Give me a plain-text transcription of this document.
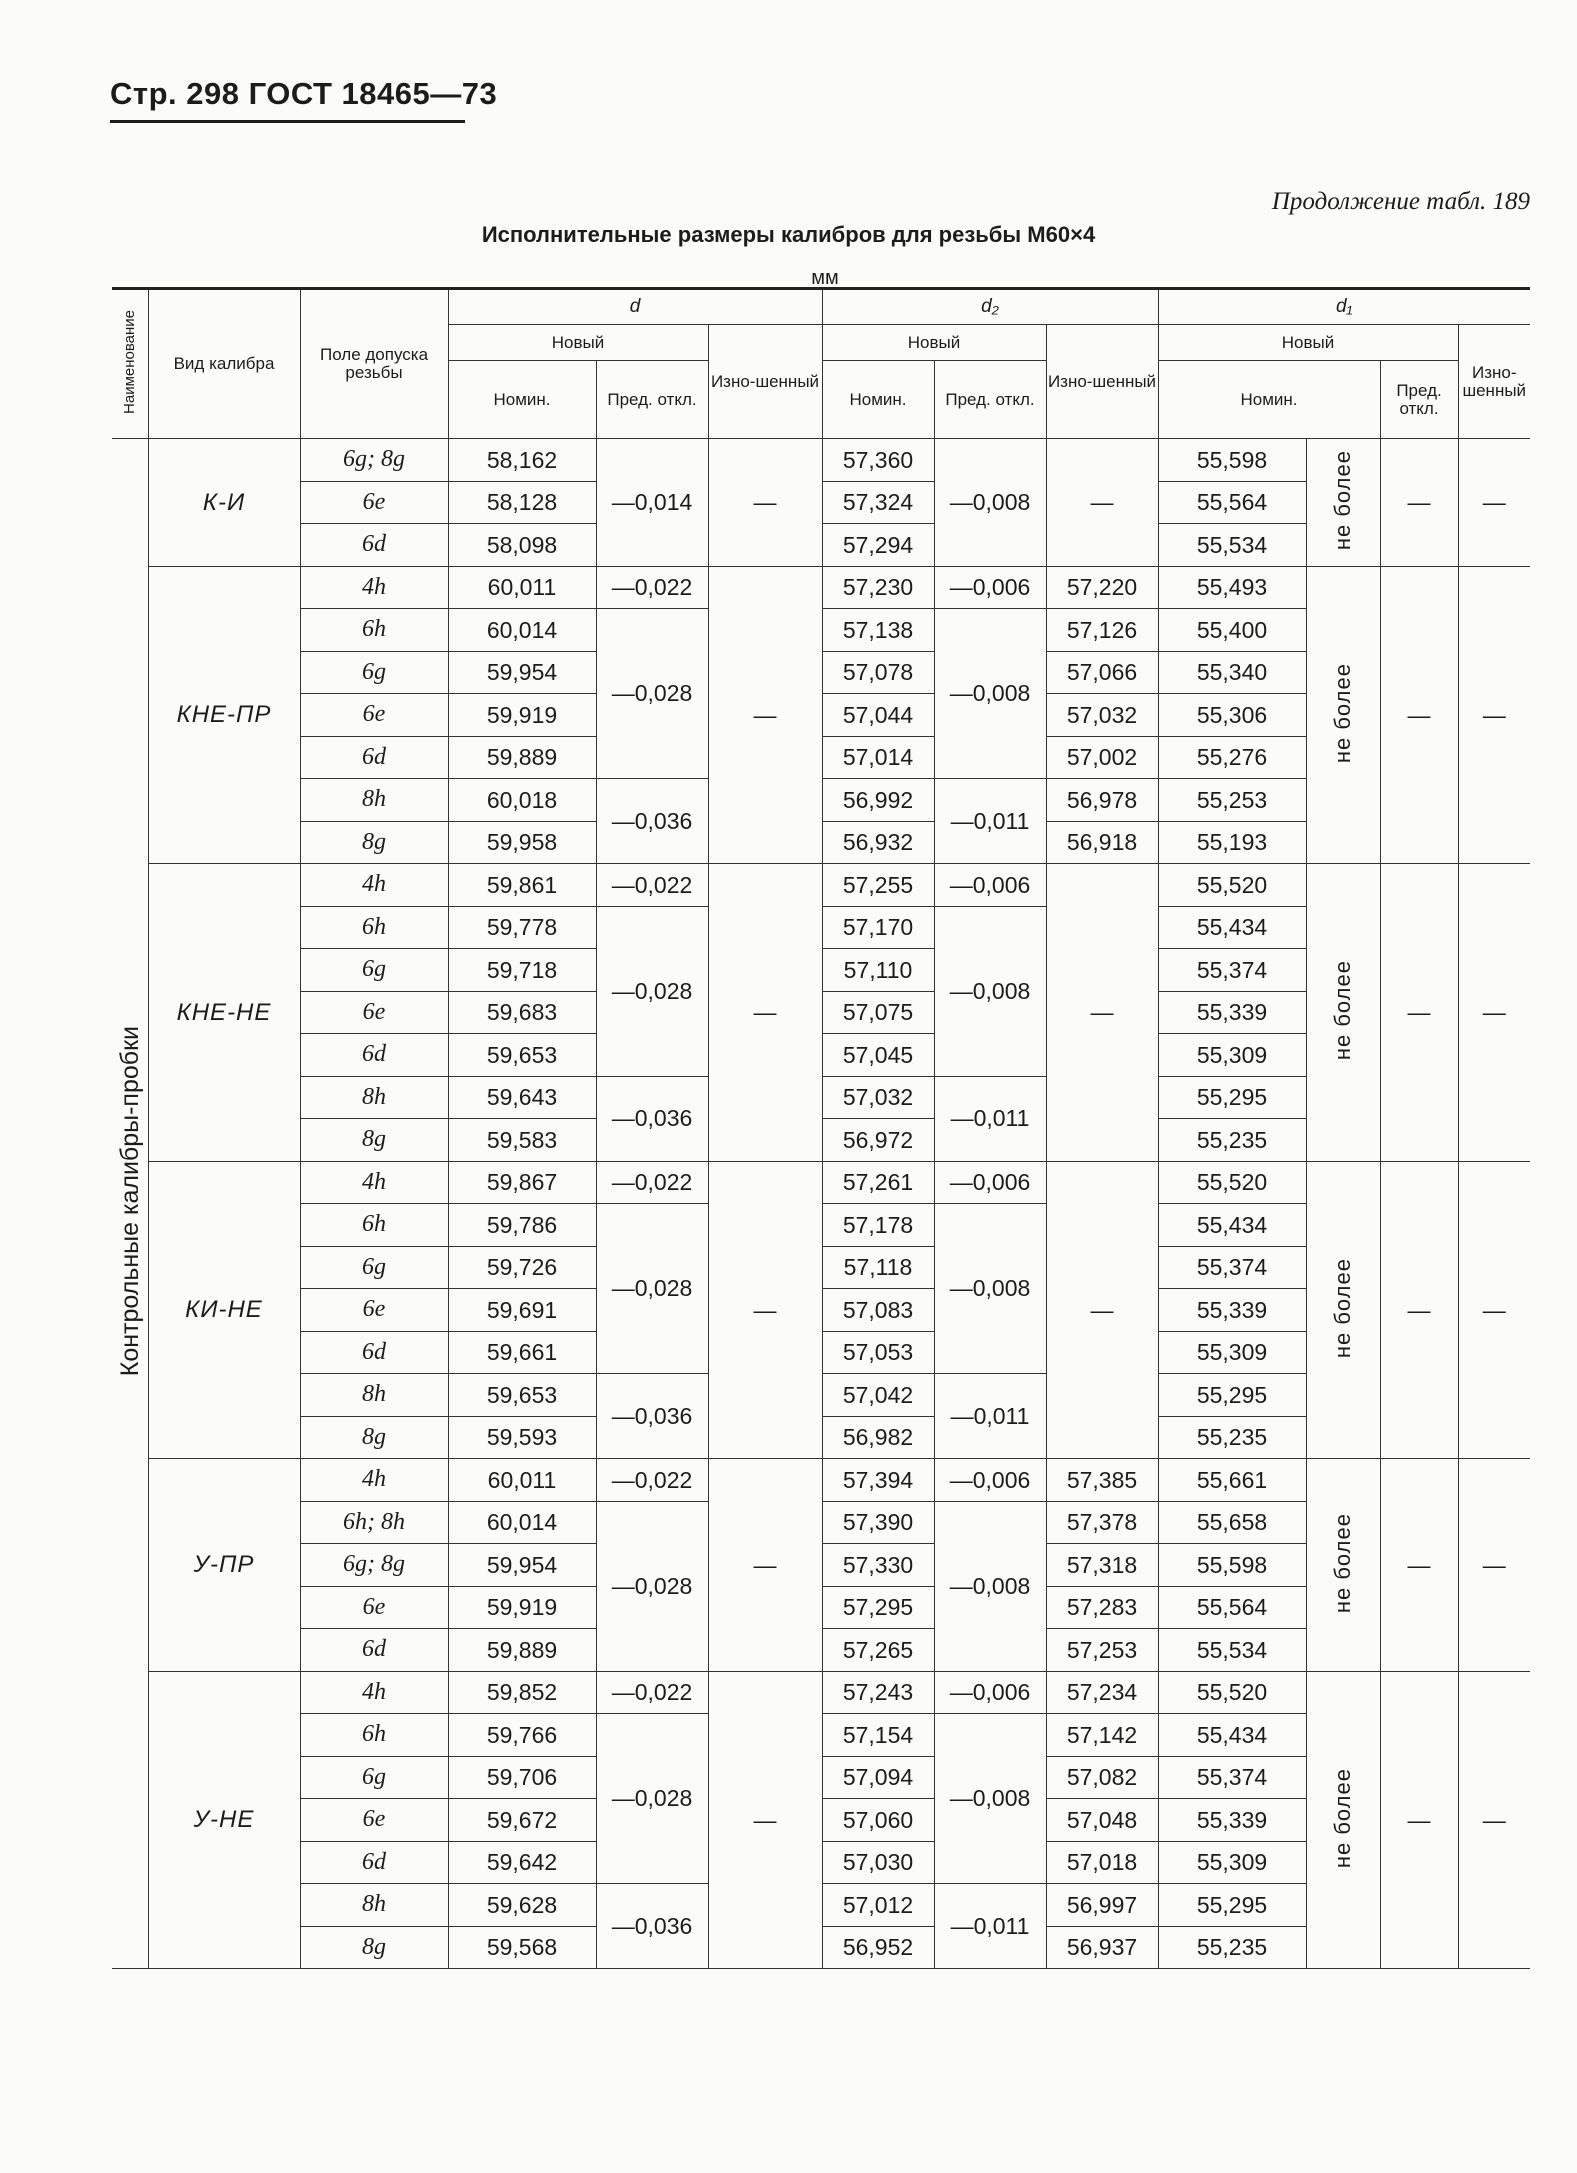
Стр. 298 ГОСТ 18465—73
Продолжение табл. 189
Исполнительные размеры калибров для резьбы М60×4
мм
Наименование	Вид калибра	Поле допуска резьбы	d			d₂			d₁			
			Новый		Изно-шенный	Новый		Изно-шенный	Новый			Изно-шенный
			Номин.	Пред. откл.		Номин.	Пред. откл.		Номин.		Пред. откл.	
Контрольные калибры-пробки	К-И	6g; 8g	58,162	—0,014	—	57,360	—0,008	—	55,598	не более	—	—
		6e	58,128			57,324			55,564			
		6d	58,098			57,294			55,534			
	КНЕ-ПР	4h	60,011	—0,022	—	57,230	—0,006	57,220	55,493	не более	—	—
		6h	60,014	—0,028		57,138	—0,008	57,126	55,400			
		6g	59,954			57,078		57,066	55,340			
		6e	59,919			57,044		57,032	55,306			
		6d	59,889			57,014		57,002	55,276			
		8h	60,018	—0,036		56,992	—0,011	56,978	55,253			
		8g	59,958			56,932		56,918	55,193			
	КНЕ-НЕ	4h	59,861	—0,022	—	57,255	—0,006	—	55,520	не более	—	—
		6h	59,778	—0,028		57,170	—0,008		55,434			
		6g	59,718			57,110			55,374			
		6e	59,683			57,075			55,339			
		6d	59,653			57,045			55,309			
		8h	59,643	—0,036		57,032	—0,011		55,295			
		8g	59,583			56,972			55,235			
	КИ-НЕ	4h	59,867	—0,022	—	57,261	—0,006	—	55,520	не более	—	—
		6h	59,786	—0,028		57,178	—0,008		55,434			
		6g	59,726			57,118			55,374			
		6e	59,691			57,083			55,339			
		6d	59,661			57,053			55,309			
		8h	59,653	—0,036		57,042	—0,011		55,295			
		8g	59,593			56,982			55,235			
	У-ПР	4h	60,011	—0,022	—	57,394	—0,006	57,385	55,661	не более	—	—
		6h; 8h	60,014	—0,028		57,390	—0,008	57,378	55,658			
		6g; 8g	59,954			57,330		57,318	55,598			
		6e	59,919			57,295		57,283	55,564			
		6d	59,889			57,265		57,253	55,534			
	У-НЕ	4h	59,852	—0,022	—	57,243	—0,006	57,234	55,520	не более	—	—
		6h	59,766	—0,028		57,154	—0,008	57,142	55,434			
		6g	59,706			57,094		57,082	55,374			
		6e	59,672			57,060		57,048	55,339			
		6d	59,642			57,030		57,018	55,309			
		8h	59,628	—0,036		57,012	—0,011	56,997	55,295			
		8g	59,568			56,952		56,937	55,235			
